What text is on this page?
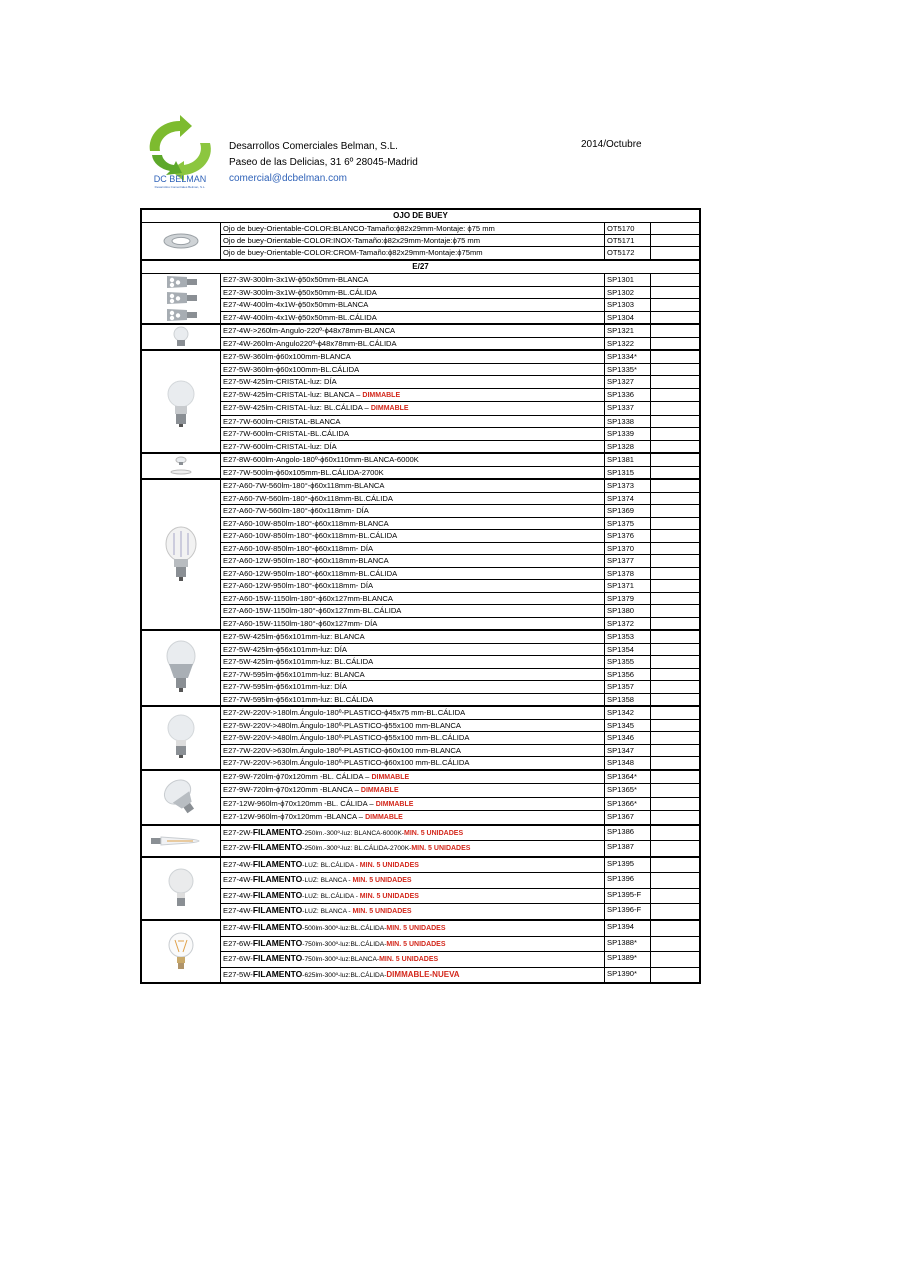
DC BELMAN
Desarrollos Comerciales Belman, S.L.
Desarrollos Comerciales Belman, S.L.
Paseo de las Delicias, 31 6º 28045-Madrid
comercial@dcbelman.com
2014/Octubre
OJO DE BUEY
Ojo de buey-Orientable-COLOR:BLANCO-Tamaño:ϕ82x29mm-Montaje: ϕ75 mm	OT5170
Ojo de buey-Orientable-COLOR:INOX-Tamaño:ϕ82x29mm-Montaje:ϕ75 mm	OT5171
Ojo de buey-Orientable-COLOR:CROM-Tamaño:ϕ82x29mm-Montaje:ϕ75mm	OT5172
E/27
E27-3W-300lm-3x1W-ϕ50x50mm-BLANCA	SP1301
E27-3W-300lm-3x1W-ϕ50x50mm-BL.CÁLIDA	SP1302
E27-4W-400lm-4x1W-ϕ50x50mm-BLANCA	SP1303
E27-4W-400lm-4x1W-ϕ50x50mm-BL.CÁLIDA	SP1304
E27-4W->260lm-Angulo-220º-ϕ48x78mm-BLANCA	SP1321
E27-4W-260lm-Angulo220º-ϕ48x78mm-BL.CÁLIDA	SP1322
E27-5W-360lm-ϕ60x100mm-BLANCA	SP1334*
E27-5W-360lm-ϕ60x100mm-BL.CÁLIDA	SP1335*
E27-5W-425lm-CRISTAL-luz: DÍA	SP1327
E27-5W-425lm-CRISTAL-luz: BLANCA – DIMMABLE	SP1336
E27-5W-425lm-CRISTAL-luz: BL.CÁLIDA – DIMMABLE	SP1337
E27-7W-600lm-CRISTAL-BLANCA	SP1338
E27-7W-600lm-CRISTAL-BL.CÁLIDA	SP1339
E27-7W-600lm-CRISTAL-luz: DÍA	SP1328
E27-8W-600lm-Angolo-180º-ϕ60x110mm-BLANCA-6000K	SP1381
E27-7W-500lm-ϕ60x105mm-BL.CÁLIDA-2700K	SP1315
E27-A60-7W-560lm-180°-ϕ60x118mm-BLANCA	SP1373
E27-A60-7W-560lm-180°-ϕ60x118mm-BL.CÁLIDA	SP1374
E27-A60-7W-560lm-180°-ϕ60x118mm- DÍA	SP1369
E27-A60-10W-850lm-180°-ϕ60x118mm-BLANCA	SP1375
E27-A60-10W-850lm-180°-ϕ60x118mm-BL.CÁLIDA	SP1376
E27-A60-10W-850lm-180°-ϕ60x118mm- DÍA	SP1370
E27-A60-12W-950lm-180°-ϕ60x118mm-BLANCA	SP1377
E27-A60-12W-950lm-180°-ϕ60x118mm-BL.CÁLIDA	SP1378
E27-A60-12W-950lm-180°-ϕ60x118mm- DÍA	SP1371
E27-A60-15W-1150lm-180°-ϕ60x127mm-BLANCA	SP1379
E27-A60-15W-1150lm-180°-ϕ60x127mm-BL.CÁLIDA	SP1380
E27-A60-15W-1150lm-180°-ϕ60x127mm- DÍA	SP1372
E27-5W-425lm-ϕ56x101mm-luz: BLANCA	SP1353
E27-5W-425lm-ϕ56x101mm-luz: DÍA	SP1354
E27-5W-425lm-ϕ56x101mm-luz: BL.CÁLIDA	SP1355
E27-7W-595lm-ϕ56x101mm-luz: BLANCA	SP1356
E27-7W-595lm-ϕ56x101mm-luz: DÍA	SP1357
E27-7W-595lm-ϕ56x101mm-luz: BL.CÁLIDA	SP1358
E27-2W-220V->180lm.Ángulo-180º-PLASTICO-ϕ45x75 mm-BL.CÁLIDA	SP1342
E27-5W-220V->480lm.Ángulo-180º-PLASTICO-ϕ55x100 mm-BLANCA	SP1345
E27-5W-220V->480lm.Ángulo-180º-PLASTICO-ϕ55x100 mm-BL.CÁLIDA	SP1346
E27-7W-220V->630lm.Ángulo-180º-PLASTICO-ϕ60x100 mm-BLANCA	SP1347
E27-7W-220V->630lm.Ángulo-180º-PLASTICO-ϕ60x100 mm-BL.CÁLIDA	SP1348
E27-9W-720lm-ϕ70x120mm -BL. CÁLIDA – DIMMABLE	SP1364*
E27-9W-720lm-ϕ70x120mm -BLANCA – DIMMABLE	SP1365*
E27-12W-960lm-ϕ70x120mm -BL. CÁLIDA – DIMMABLE	SP1366*
E27-12W-960lm-ϕ70x120mm -BLANCA – DIMMABLE	SP1367
E27-2W-FILAMENTO-250lm.-300º-luz: BLANCA-6000K-MIN. 5 UNIDADES	SP1386
E27-2W-FILAMENTO-250lm.-300º-luz: BL.CÁLIDA-2700K-MIN. 5 UNIDADES	SP1387
E27-4W-FILAMENTO-LUZ: BL.CÁLIDA - MIN. 5 UNIDADES	SP1395
E27-4W-FILAMENTO-LUZ: BLANCA - MIN. 5 UNIDADES	SP1396
E27-4W-FILAMENTO-LUZ: BL.CÁLIDA - MIN. 5 UNIDADES	SP1395-F
E27-4W-FILAMENTO-LUZ: BLANCA - MIN. 5 UNIDADES	SP1396-F
E27-4W-FILAMENTO-500lm-300º-luz:BL.CÁLIDA-MIN. 5 UNIDADES	SP1394
E27-6W-FILAMENTO-750lm-300º-luz:BL.CÁLIDA-MIN. 5 UNIDADES	SP1388*
E27-6W-FILAMENTO-750lm-300º-luz:BLANCA-MIN. 5 UNIDADES	SP1389*
E27-5W-FILAMENTO-625lm-300º-luz:BL.CÁLIDA-DIMMABLE-NUEVA	SP1390*
